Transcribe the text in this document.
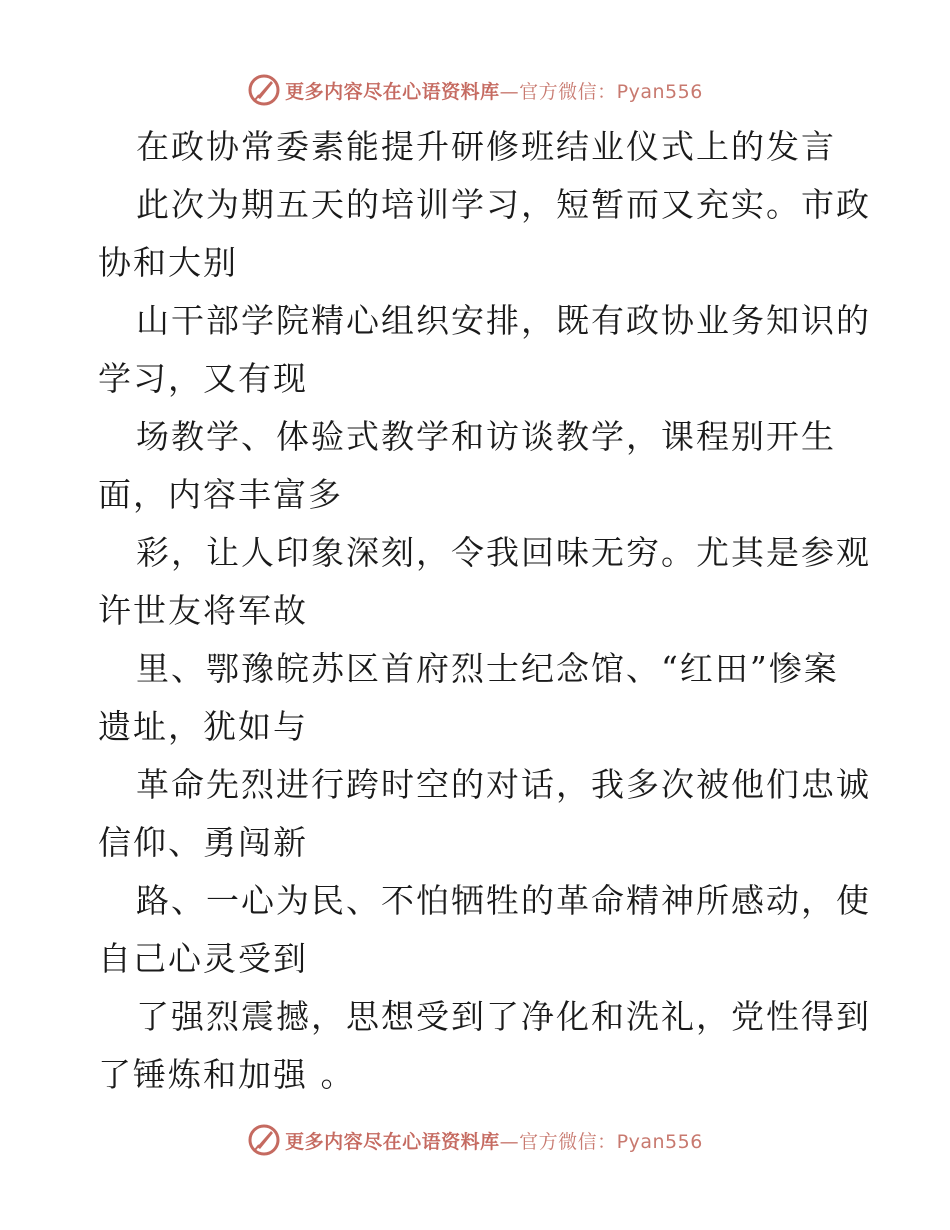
更多内容尽在心语资料库—官方微信：Pyan556
在政协常委素能提升研修班结业仪式上的发言
此次为期五天的培训学习，短暂而又充实。市政
协和大别
山干部学院精心组织安排，既有政协业务知识的
学习，又有现
场教学、体验式教学和访谈教学，课程别开生
面，内容丰富多
彩，让人印象深刻，令我回味无穷。尤其是参观
许世友将军故
里、鄂豫皖苏区首府烈士纪念馆、“红田”惨案
遗址，犹如与
革命先烈进行跨时空的对话，我多次被他们忠诚
信仰、勇闯新
路、一心为民、不怕牺牲的革命精神所感动，使
自己心灵受到
了强烈震撼，思想受到了净化和洗礼，党性得到
了锤炼和加强 。
更多内容尽在心语资料库—官方微信：Pyan556
